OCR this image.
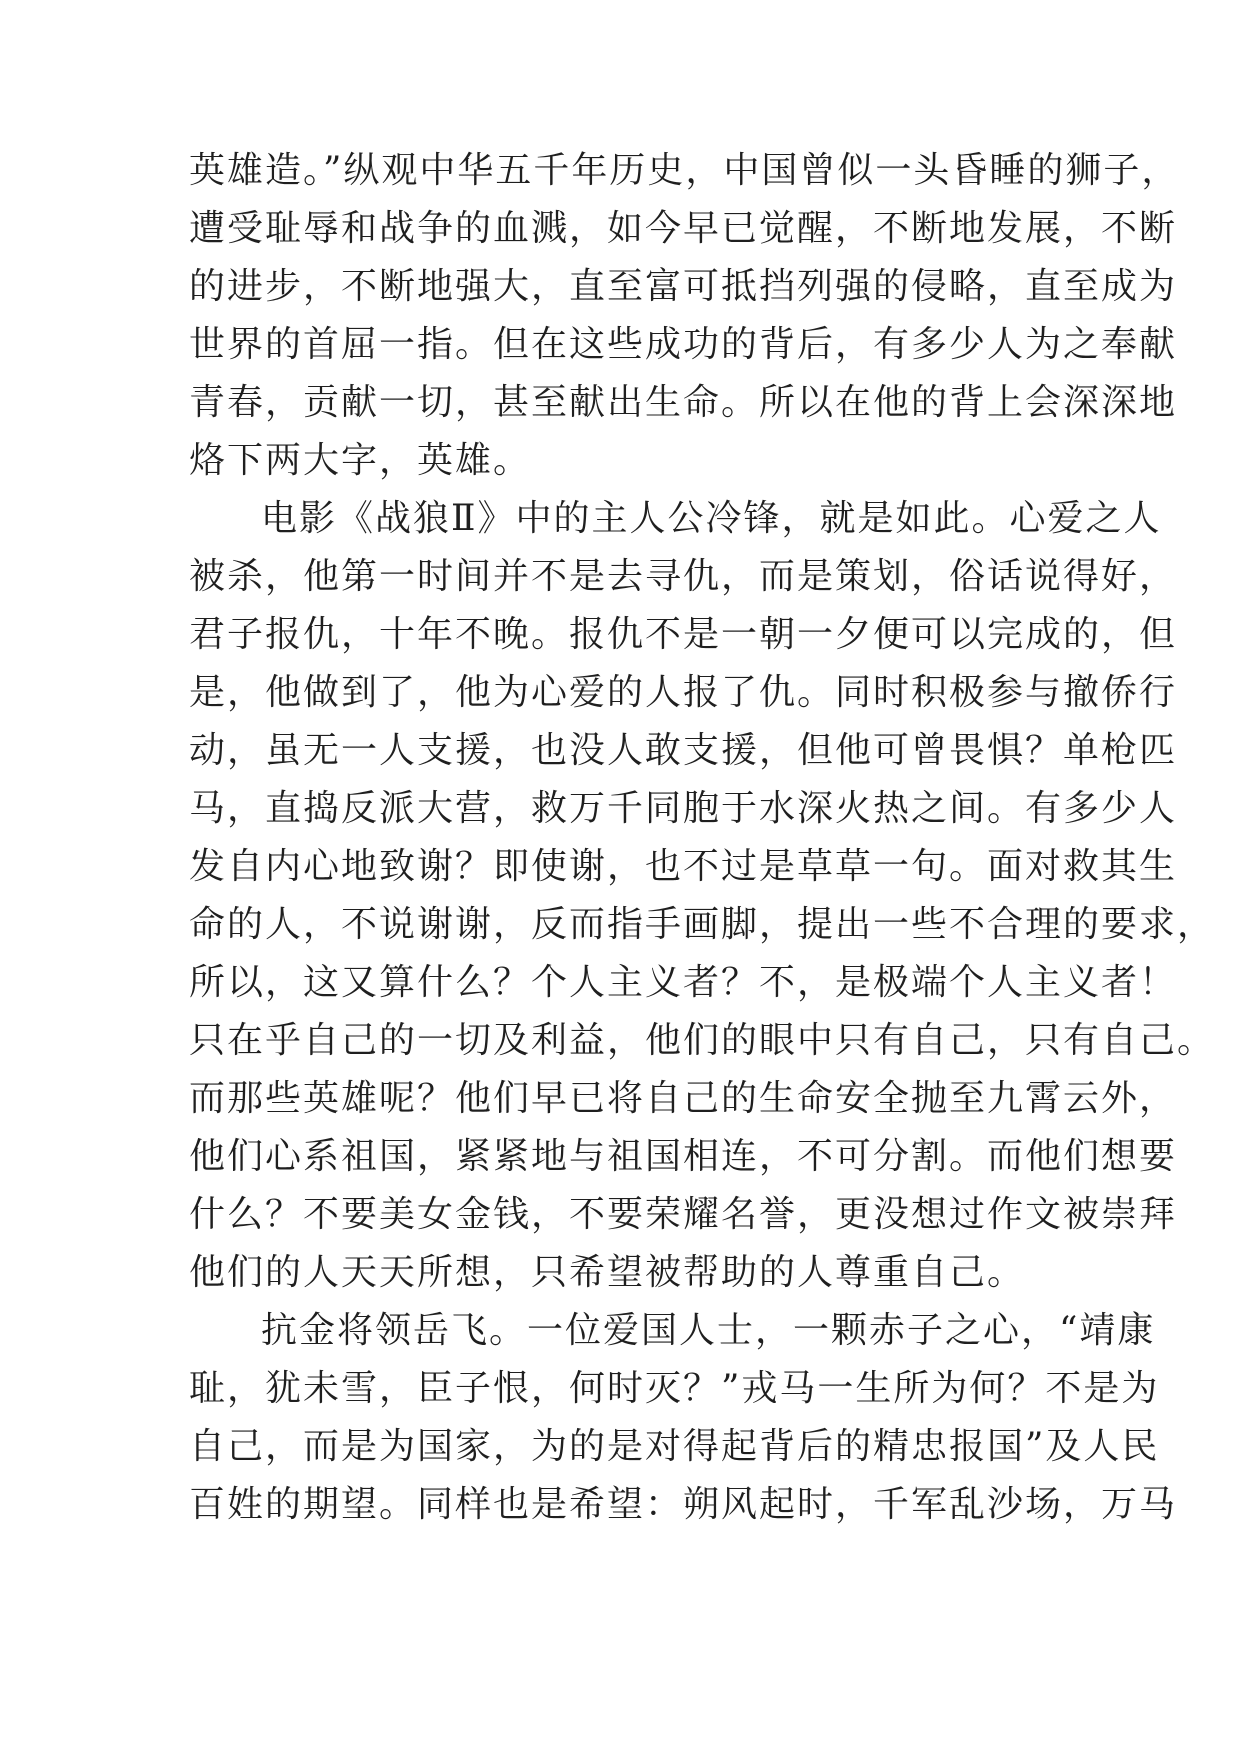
英雄造。”纵观中华五千年历史，中国曾似一头昏睡的狮子，
遭受耻辱和战争的血溅，如今早已觉醒，不断地发展，不断
的进步，不断地强大，直至富可抵挡列强的侵略，直至成为
世界的首屈一指。但在这些成功的背后，有多少人为之奉献
青春，贡献一切，甚至献出生命。所以在他的背上会深深地
烙下两大字，英雄。
电影《战狼Ⅱ》中的主人公冷锋，就是如此。心爱之人
被杀，他第一时间并不是去寻仇，而是策划，俗话说得好，
君子报仇，十年不晚。报仇不是一朝一夕便可以完成的，但
是，他做到了，他为心爱的人报了仇。同时积极参与撤侨行
动，虽无一人支援，也没人敢支援，但他可曾畏惧？单枪匹
马，直捣反派大营，救万千同胞于水深火热之间。有多少人
发自内心地致谢？即使谢，也不过是草草一句。面对救其生
命的人，不说谢谢，反而指手画脚，提出一些不合理的要求，
所以，这又算什么？个人主义者？不，是极端个人主义者！
只在乎自己的一切及利益，他们的眼中只有自己，只有自己。
而那些英雄呢？他们早已将自己的生命安全抛至九霄云外，
他们心系祖国，紧紧地与祖国相连，不可分割。而他们想要
什么？不要美女金钱，不要荣耀名誉，更没想过作文被崇拜
他们的人天天所想，只希望被帮助的人尊重自己。
抗金将领岳飞。一位爱国人士，一颗赤子之心，“靖康
耻，犹未雪，臣子恨，何时灭？”戎马一生所为何？不是为
自己，而是为国家，为的是对得起背后的精忠报国”及人民
百姓的期望。同样也是希望：朔风起时，千军乱沙场，万马
